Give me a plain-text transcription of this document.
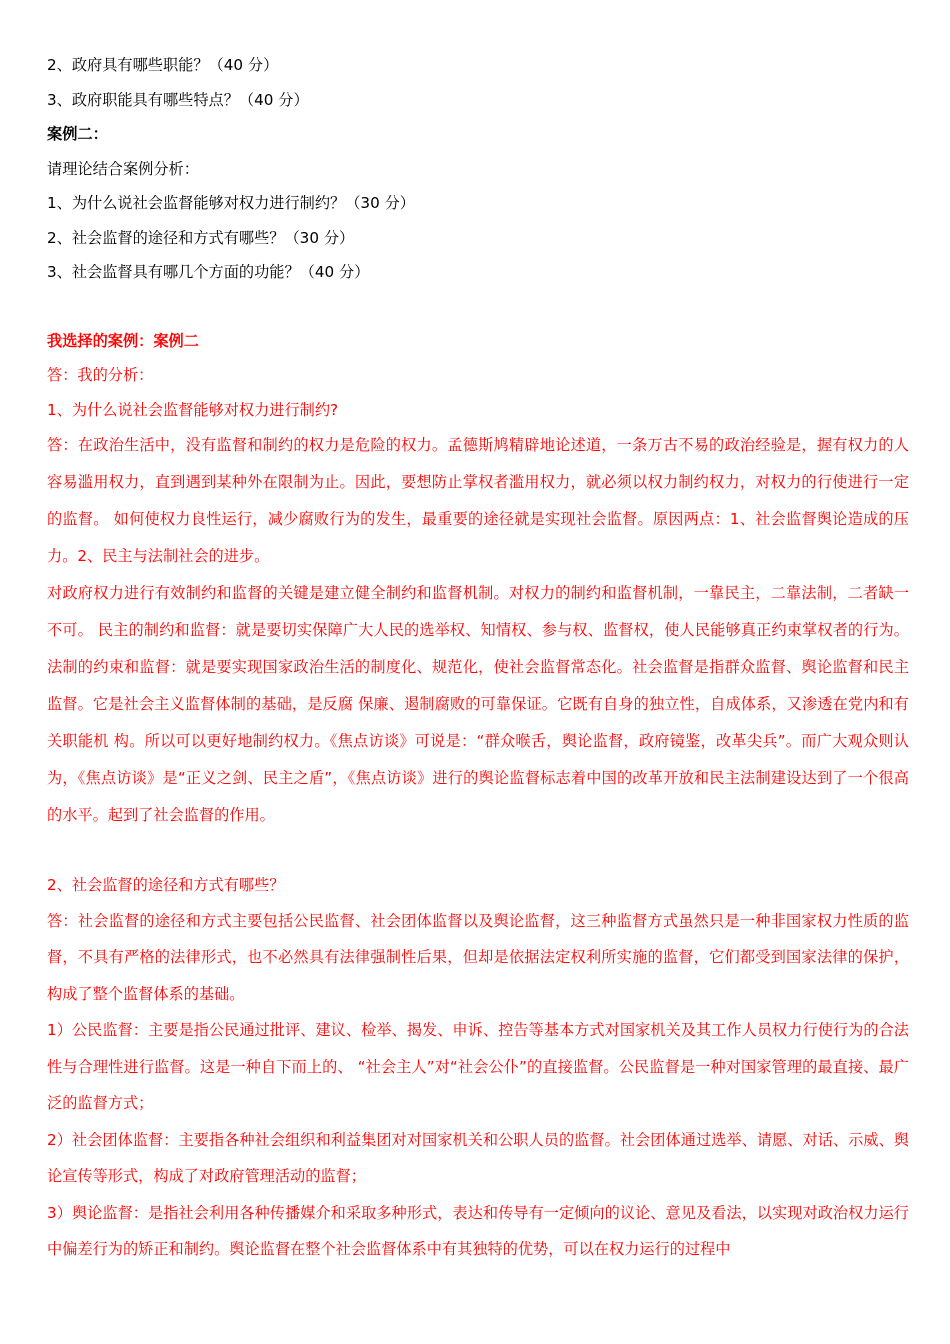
2、政府具有哪些职能？（40 分）

3、政府职能具有哪些特点？（40 分）

案例二：

请理论结合案例分析：

1、为什么说社会监督能够对权力进行制约？（30 分）

2、社会监督的途径和方式有哪些？（30 分）

3、社会监督具有哪几个方面的功能？（40 分）

我选择的案例：案例二

答：我的分析：

1、为什么说社会监督能够对权力进行制约?

答：在政治生活中，没有监督和制约的权力是危险的权力。孟德斯鸠精辟地论述道，一条万古不易的政治经验是，握有权力的人容易滥用权力，直到遇到某种外在限制为止。因此，要想防止掌权者滥用权力，就必须以权力制约权力，对权力的行使进行一定的监督。 如何使权力良性运行，减少腐败行为的发生，最重要的途径就是实现社会监督。原因两点：1、社会监督舆论造成的压力。2、民主与法制社会的进步。

对政府权力进行有效制约和监督的关键是建立健全制约和监督机制。对权力的制约和监督机制，一靠民主，二靠法制，二者缺一不可。 民主的制约和监督：就是要切实保障广大人民的选举权、知情权、参与权、监督权，使人民能够真正约束掌权者的行为。 法制的约束和监督：就是要实现国家政治生活的制度化、规范化，使社会监督常态化。社会监督是指群众监督、舆论监督和民主监督。它是社会主义监督体制的基础，是反腐 保廉、遏制腐败的可靠保证。它既有自身的独立性，自成体系，又渗透在党内和有关职能机 构。所以可以更好地制约权力。《焦点访谈》可说是：“群众喉舌，舆论监督，政府镜鉴，改革尖兵”。而广大观众则认为，《焦点访谈》是“正义之剑、民主之盾”，《焦点访谈》进行的舆论监督标志着中国的改革开放和民主法制建设达到了一个很高的水平。起到了社会监督的作用。

2、社会监督的途径和方式有哪些？

答：社会监督的途径和方式主要包括公民监督、社会团体监督以及舆论监督，这三种监督方式虽然只是一种非国家权力性质的监督，不具有严格的法律形式，也不必然具有法律强制性后果，但却是依据法定权利所实施的监督，它们都受到国家法律的保护，构成了整个监督体系的基础。

1）公民监督：主要是指公民通过批评、建议、检举、揭发、申诉、控告等基本方式对国家机关及其工作人员权力行使行为的合法性与合理性进行监督。这是一种自下而上的、 “社会主人”对“社会公仆”的直接监督。公民监督是一种对国家管理的最直接、最广泛的监督方式；

2）社会团体监督：主要指各种社会组织和利益集团对对国家机关和公职人员的监督。社会团体通过选举、请愿、对话、示威、舆论宣传等形式，构成了对政府管理活动的监督；

3）舆论监督：是指社会利用各种传播媒介和采取多种形式，表达和传导有一定倾向的议论、意见及看法，以实现对政治权力运行中偏差行为的矫正和制约。舆论监督在整个社会监督体系中有其独特的优势，可以在权力运行的过程中
